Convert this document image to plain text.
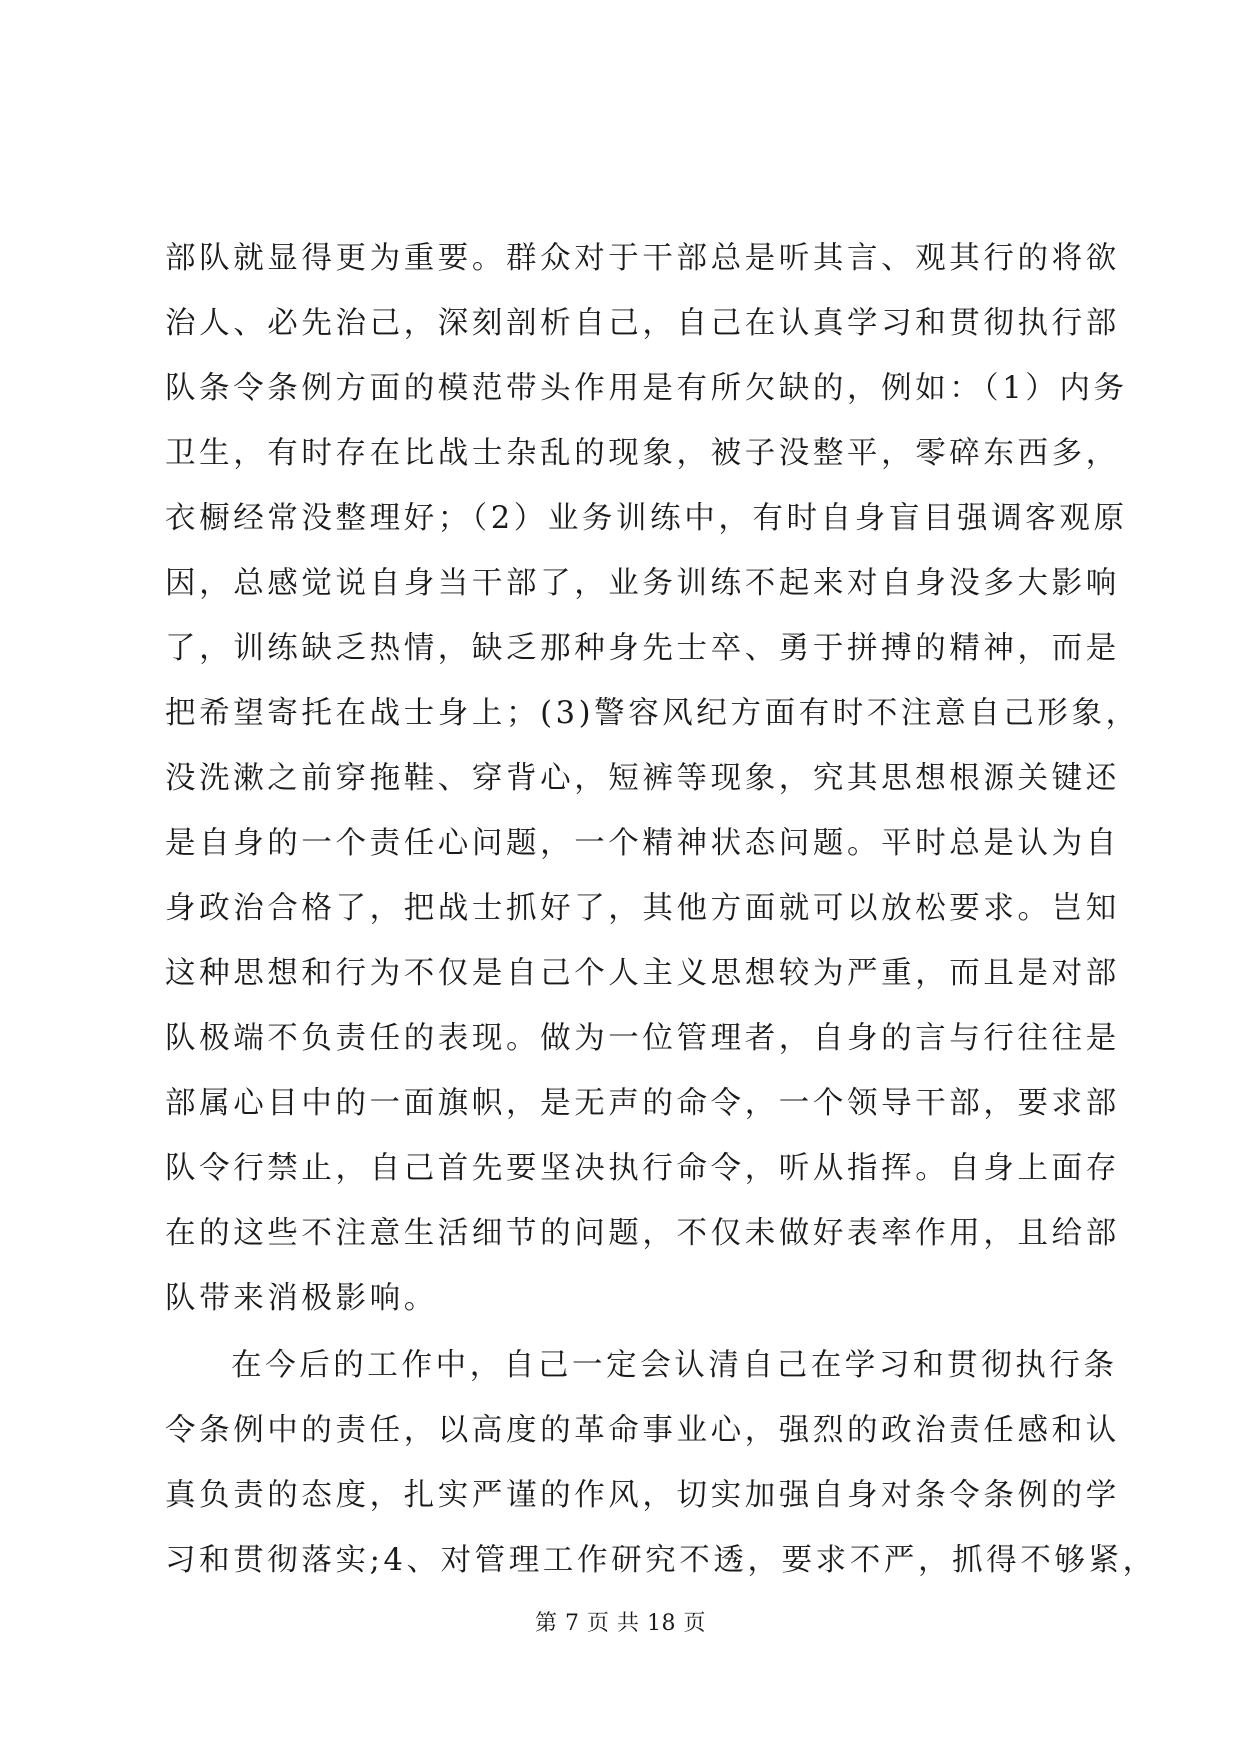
部队就显得更为重要。群众对于干部总是听其言、观其行的将欲
治人、必先治己，深刻剖析自己，自己在认真学习和贯彻执行部
队条令条例方面的模范带头作用是有所欠缺的，例如：（1）内务
卫生，有时存在比战士杂乱的现象，被子没整平，零碎东西多，
衣橱经常没整理好；（2）业务训练中，有时自身盲目强调客观原
因，总感觉说自身当干部了，业务训练不起来对自身没多大影响
了，训练缺乏热情，缺乏那种身先士卒、勇于拼搏的精神，而是
把希望寄托在战士身上；(3)警容风纪方面有时不注意自己形象，
没洗漱之前穿拖鞋、穿背心，短裤等现象，究其思想根源关键还
是自身的一个责任心问题，一个精神状态问题。平时总是认为自
身政治合格了，把战士抓好了，其他方面就可以放松要求。岂知
这种思想和行为不仅是自己个人主义思想较为严重，而且是对部
队极端不负责任的表现。做为一位管理者，自身的言与行往往是
部属心目中的一面旗帜，是无声的命令，一个领导干部，要求部
队令行禁止，自己首先要坚决执行命令，听从指挥。自身上面存
在的这些不注意生活细节的问题，不仅未做好表率作用，且给部
队带来消极影响。
在今后的工作中，自己一定会认清自己在学习和贯彻执行条
令条例中的责任，以高度的革命事业心，强烈的政治责任感和认
真负责的态度，扎实严谨的作风，切实加强自身对条令条例的学
习和贯彻落实;4、对管理工作研究不透，要求不严，抓得不够紧，
第 7 页 共 18 页
